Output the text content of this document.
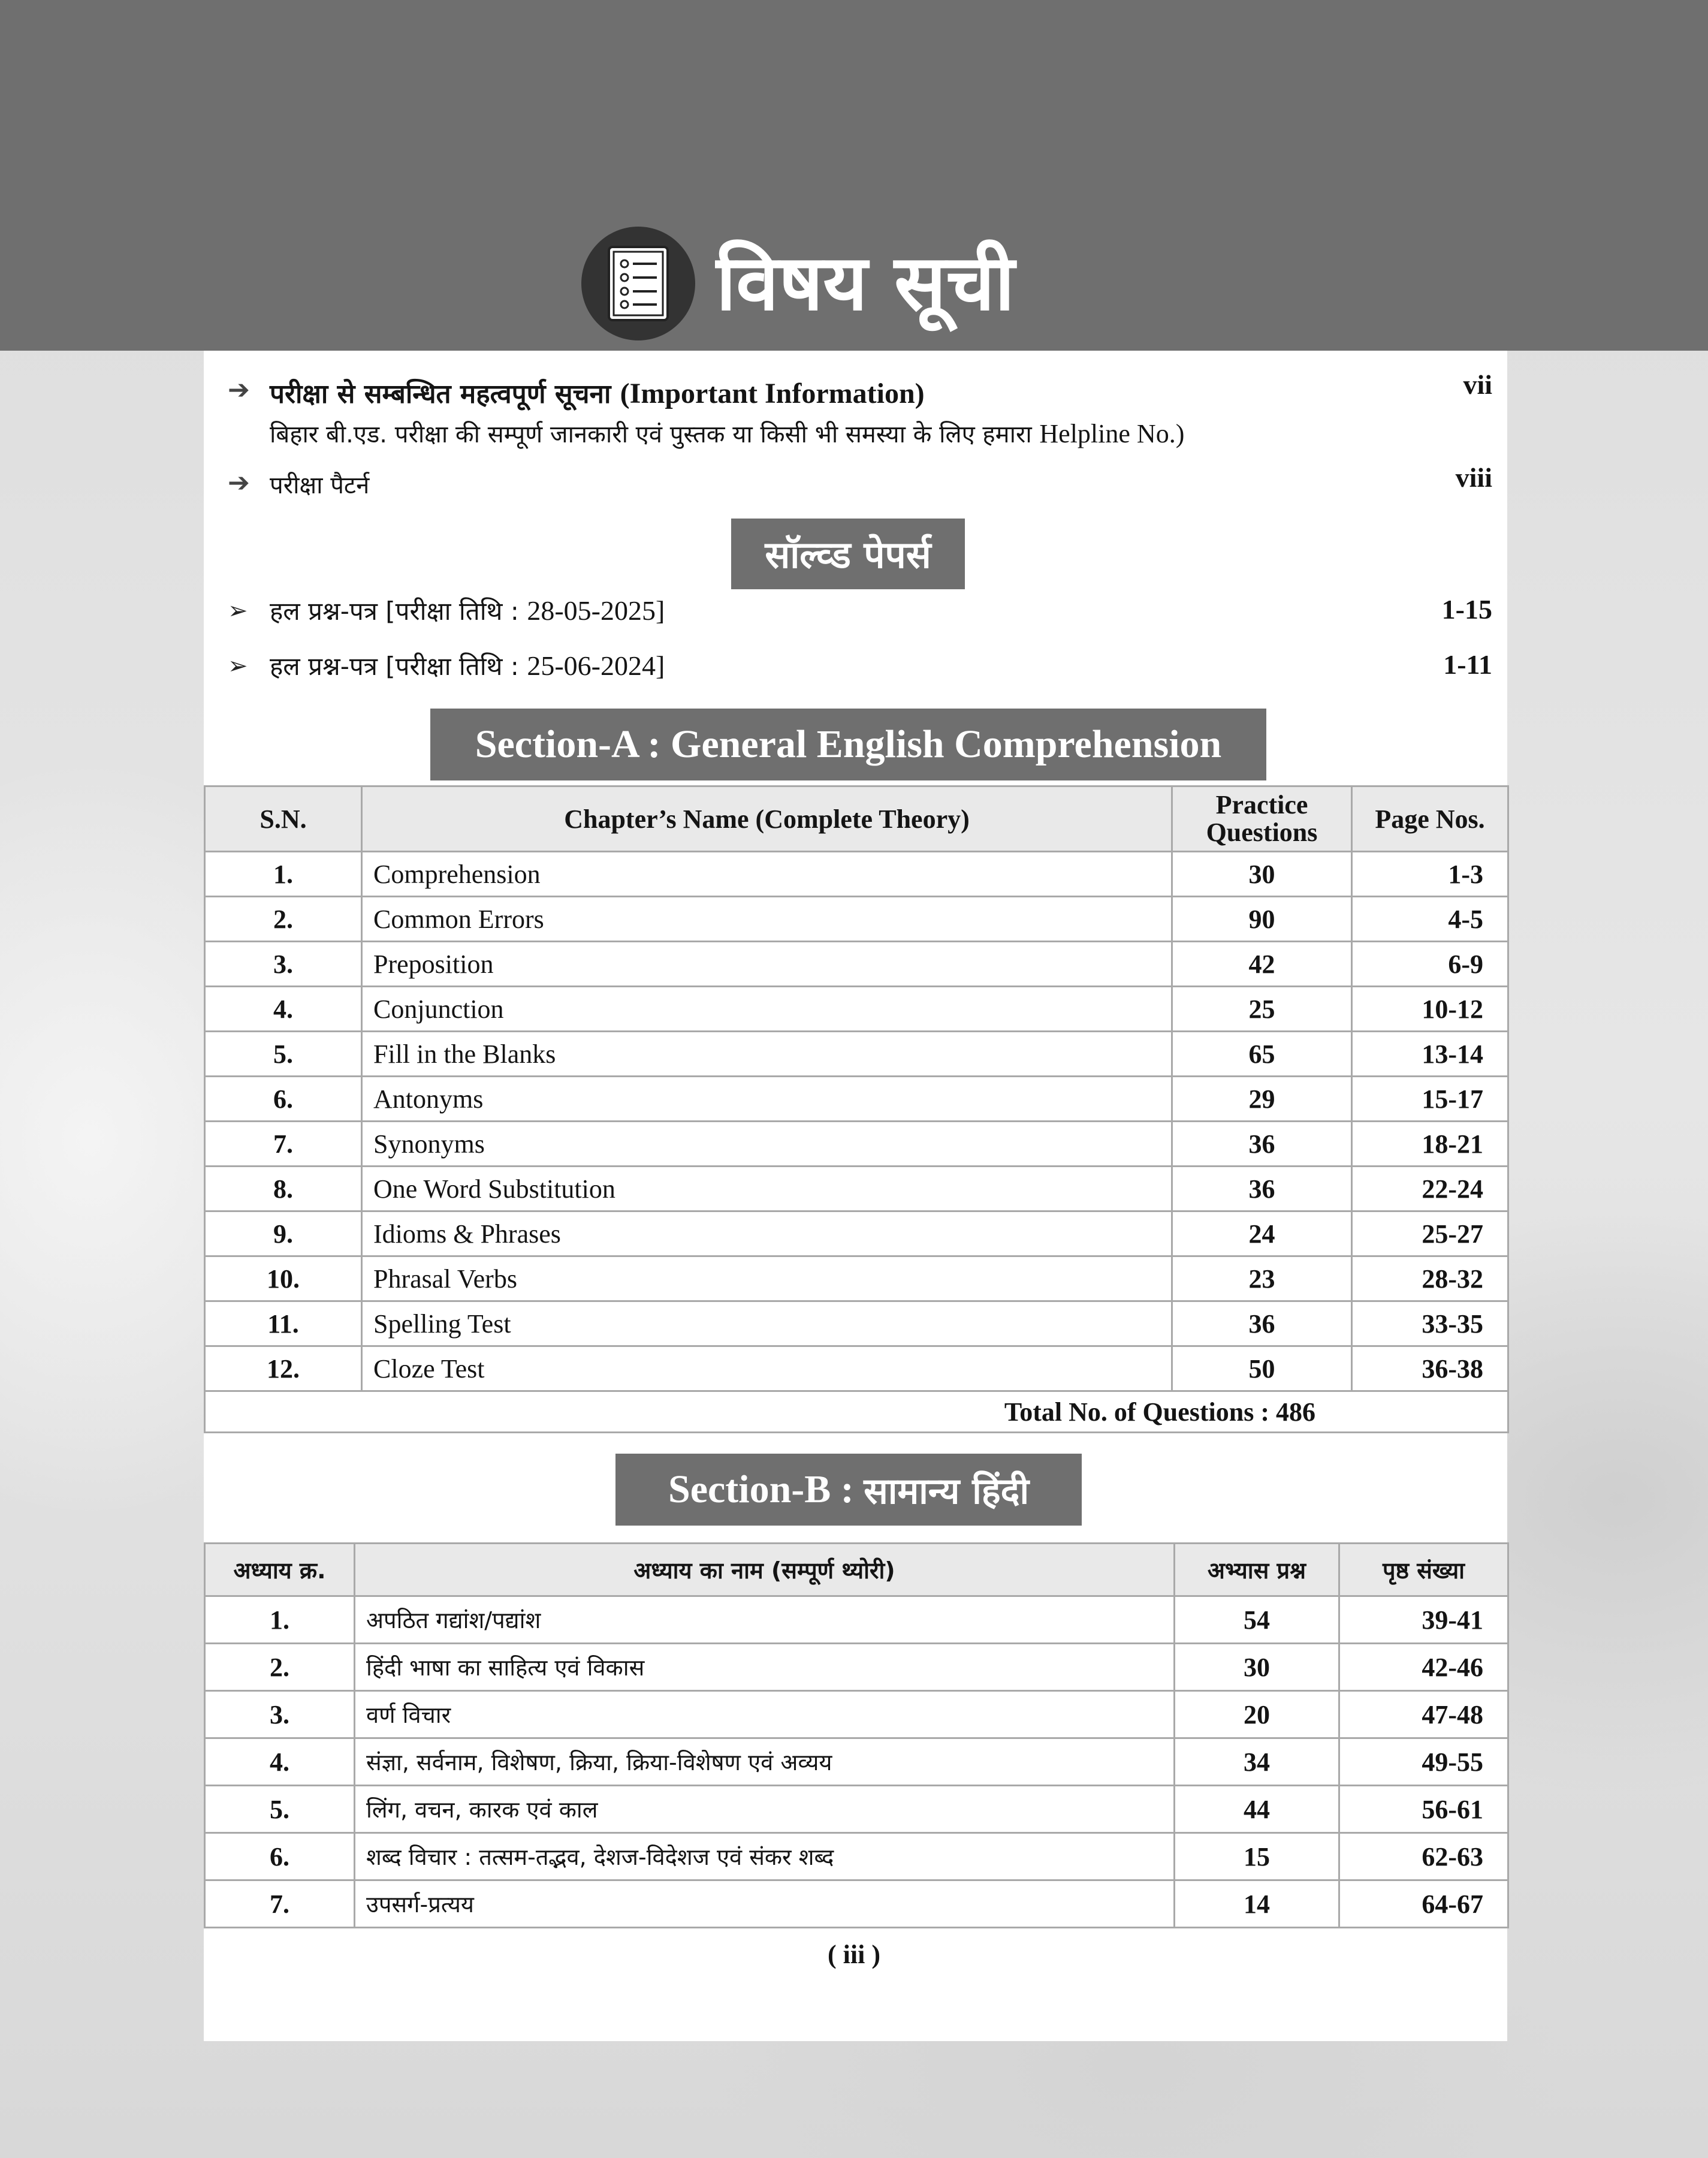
विषय सूची
➔ परीक्षा से सम्बन्धित महत्वपूर्ण सूचना (Important Information)
बिहार बी.एड. परीक्षा की सम्पूर्ण जानकारी एवं पुस्तक या किसी भी समस्या के लिए हमारा Helpline No.)
vii
➔ परीक्षा पैटर्न	viii
सॉल्व्ड पेपर्स
➢ हल प्रश्न-पत्र [परीक्षा तिथि :
28-05-2025]	1-15
➢ हल प्रश्न-पत्र [परीक्षा तिथि :
25-06-2024]	1-11
Section-A : General English Comprehension
S.N.	Chapter’s Name (Complete Theory)	Practice
Questions	Page Nos.
1.	Comprehension	30	1-3
2.	Common Errors	90	4-5
3.	Preposition	42	6-9
4.	Conjunction	25	10-12
5.	Fill in the Blanks	65	13-14
6.	Antonyms	29	15-17
7.	Synonyms	36	18-21
8.	One Word Substitution	36	22-24
9.	Idioms & Phrases	24	25-27
10.	Phrasal Verbs	23	28-32
11.	Spelling Test	36	33-35
12.	Cloze Test	50	36-38
Total No. of Questions : 486			
Section-B :
सामान्य हिंदी
अध्याय क्र.	अध्याय का नाम (सम्पूर्ण थ्योरी)	अभ्यास प्रश्न	पृष्ठ संख्या
1.	अपठित गद्यांश/पद्यांश	54	39-41
2.	हिंदी भाषा का साहित्य एवं विकास	30	42-46
3.	वर्ण विचार	20	47-48
4.	संज्ञा, सर्वनाम, विशेषण, क्रिया, क्रिया-विशेषण एवं अव्यय	34	49-55
5.	लिंग, वचन, कारक एवं काल	44	56-61
6.	शब्द विचार : तत्सम-तद्भव, देशज-विदेशज एवं संकर शब्द	15	62-63
7.	उपसर्ग-प्रत्यय	14	64-67
( iii )
